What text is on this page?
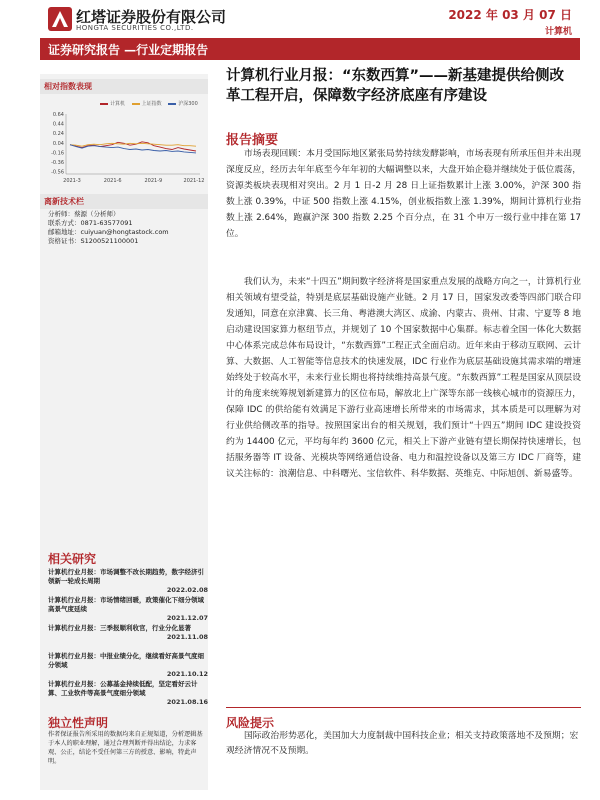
红塔证券股份有限公司
HONGTA SECURITIES CO.,LTD.
2022 年 03 月 07 日
计算机
证券研究报告 —行业定期报告
相对指数表现
计算机	上证指数	沪深300
0.64
0.44
0.24
0.04
-0.16
-0.36
-0.56
2021-3	2021-6	2021-9	2021-12
离新技术栏
分析师：蔡源（分析师）
联系方式：0871-63577091
邮箱地址：cuiyuan@hongtastock.com
资格证书：S1200521100001
相关研究
计算机行业月报：市场调整不改长期趋势，数字经济引领新一轮成长周期
2022.02.08
计算机行业月报：市场情绪回暖，政策催化下细分领域高景气度延续
2021.12.07
计算机行业月报：三季报顺利收官，行业分化显著
2021.11.08
计算机行业月报：中报业绩分化，继续看好高景气度细分领域
2021.10.12
计算机行业月报：公募基金持续低配，坚定看好云计算、工业软件等高景气度细分领域
2021.08.16
独立性声明
作者保证报告所采用的数据均来自正规渠道，分析逻辑基于本人的职业理解，通过合理判断并得出结论，力求客观、公正，结论不受任何第三方的授意、影响，特此声明。
计算机行业月报：“东数西算”——新基建提供给侧改革工程开启，保障数字经济底座有序建设
报告摘要
市场表现回顾：本月受国际地区紧张局势持续发酵影响，市场表现有所承压但并未出现深度反应，经历去年年底至今年年初的大幅调整以来，大盘开始企稳并继续处于低位震荡，资源类板块表现相对突出。2 月 1 日-2 月 28 日上证指数累计上涨 3.00%，沪深 300 指数上涨 0.39%，中证 500 指数上涨 4.15%，创业板指数上涨 1.39%，期间计算机行业指数上涨 2.64%，跑赢沪深 300 指数 2.25 个百分点，在 31 个申万一级行业中排在第 17 位。
我们认为，未来“十四五”期间数字经济将是国家重点发展的战略方向之一，计算机行业相关领域有望受益，特别是底层基础设施产业链。2 月 17 日，国家发改委等四部门联合印发通知，同意在京津冀、长三角、粤港澳大湾区、成渝、内蒙古、贵州、甘肃、宁夏等 8 地启动建设国家算力枢纽节点，并规划了 10 个国家数据中心集群。标志着全国一体化大数据中心体系完成总体布局设计，“东数西算”工程正式全面启动。近年来由于移动互联网、云计算、大数据、人工智能等信息技术的快速发展，IDC 行业作为底层基础设施其需求端的增速始终处于较高水平，未来行业长期也将持续维持高景气度。“东数西算”工程是国家从顶层设计的角度来统筹规划新建算力的区位布局，解放北上广深等东部一线核心城市的资源压力，保障 IDC 的供给能有效满足下游行业高速增长所带来的市场需求，其本质是可以理解为对行业供给侧改革的指导。按照国家出台的相关规划，我们预计“十四五”期间 IDC 建设投资约为 14400 亿元，平均每年约 3600 亿元，相关上下游产业链有望长期保持快速增长，包括服务器等 IT 设备、光模块等网络通信设备、电力和温控设备以及第三方 IDC 厂商等，建议关注标的：浪潮信息、中科曙光、宝信软件、科华数据、英维克、中际旭创、新易盛等。
风险提示
国际政治形势恶化，美国加大力度制裁中国科技企业；相关支持政策落地不及预期；宏观经济情况不及预期。
